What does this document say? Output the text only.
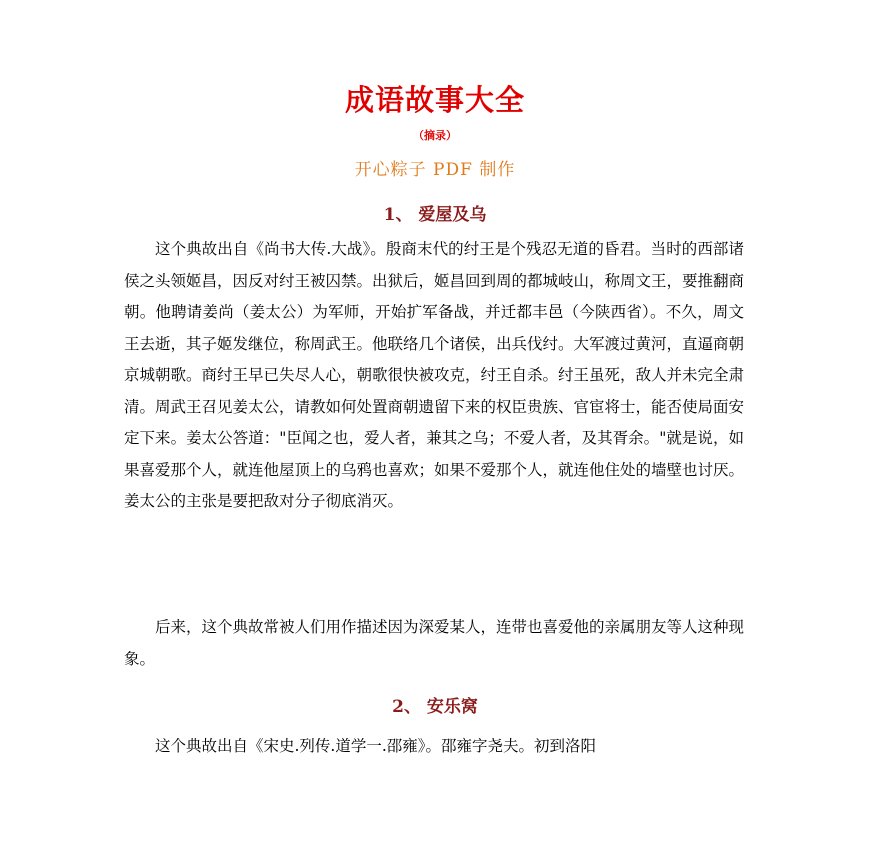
成语故事大全
（摘录）
开心粽子 PDF 制作
1、 爱屋及乌

这个典故出自《尚书大传.大战》。殷商末代的纣王是个残忍无道的昏君。当时的西部诸侯之头领姬昌，因反对纣王被囚禁。出狱后，姬昌回到周的都城岐山，称周文王，要推翻商朝。他聘请姜尚（姜太公）为军师，开始扩军备战，并迁都丰邑（今陕西省）。不久，周文王去逝，其子姬发继位，称周武王。他联络几个诸侯，出兵伐纣。大军渡过黄河，直逼商朝京城朝歌。商纣王早已失尽人心，朝歌很快被攻克，纣王自杀。纣王虽死，敌人并未完全肃清。周武王召见姜太公，请教如何处置商朝遗留下来的权臣贵族、官宦将士，能否使局面安定下来。姜太公答道："臣闻之也，爱人者，兼其之乌；不爱人者，及其胥余。"就是说，如果喜爱那个人，就连他屋顶上的乌鸦也喜欢；如果不爱那个人，就连他住处的墙壁也讨厌。姜太公的主张是要把敌对分子彻底消灭。

后来，这个典故常被人们用作描述因为深爱某人，连带也喜爱他的亲属朋友等人这种现象。

2、 安乐窝

这个典故出自《宋史.列传.道学一.邵雍》。邵雍字尧夫。初到洛阳
